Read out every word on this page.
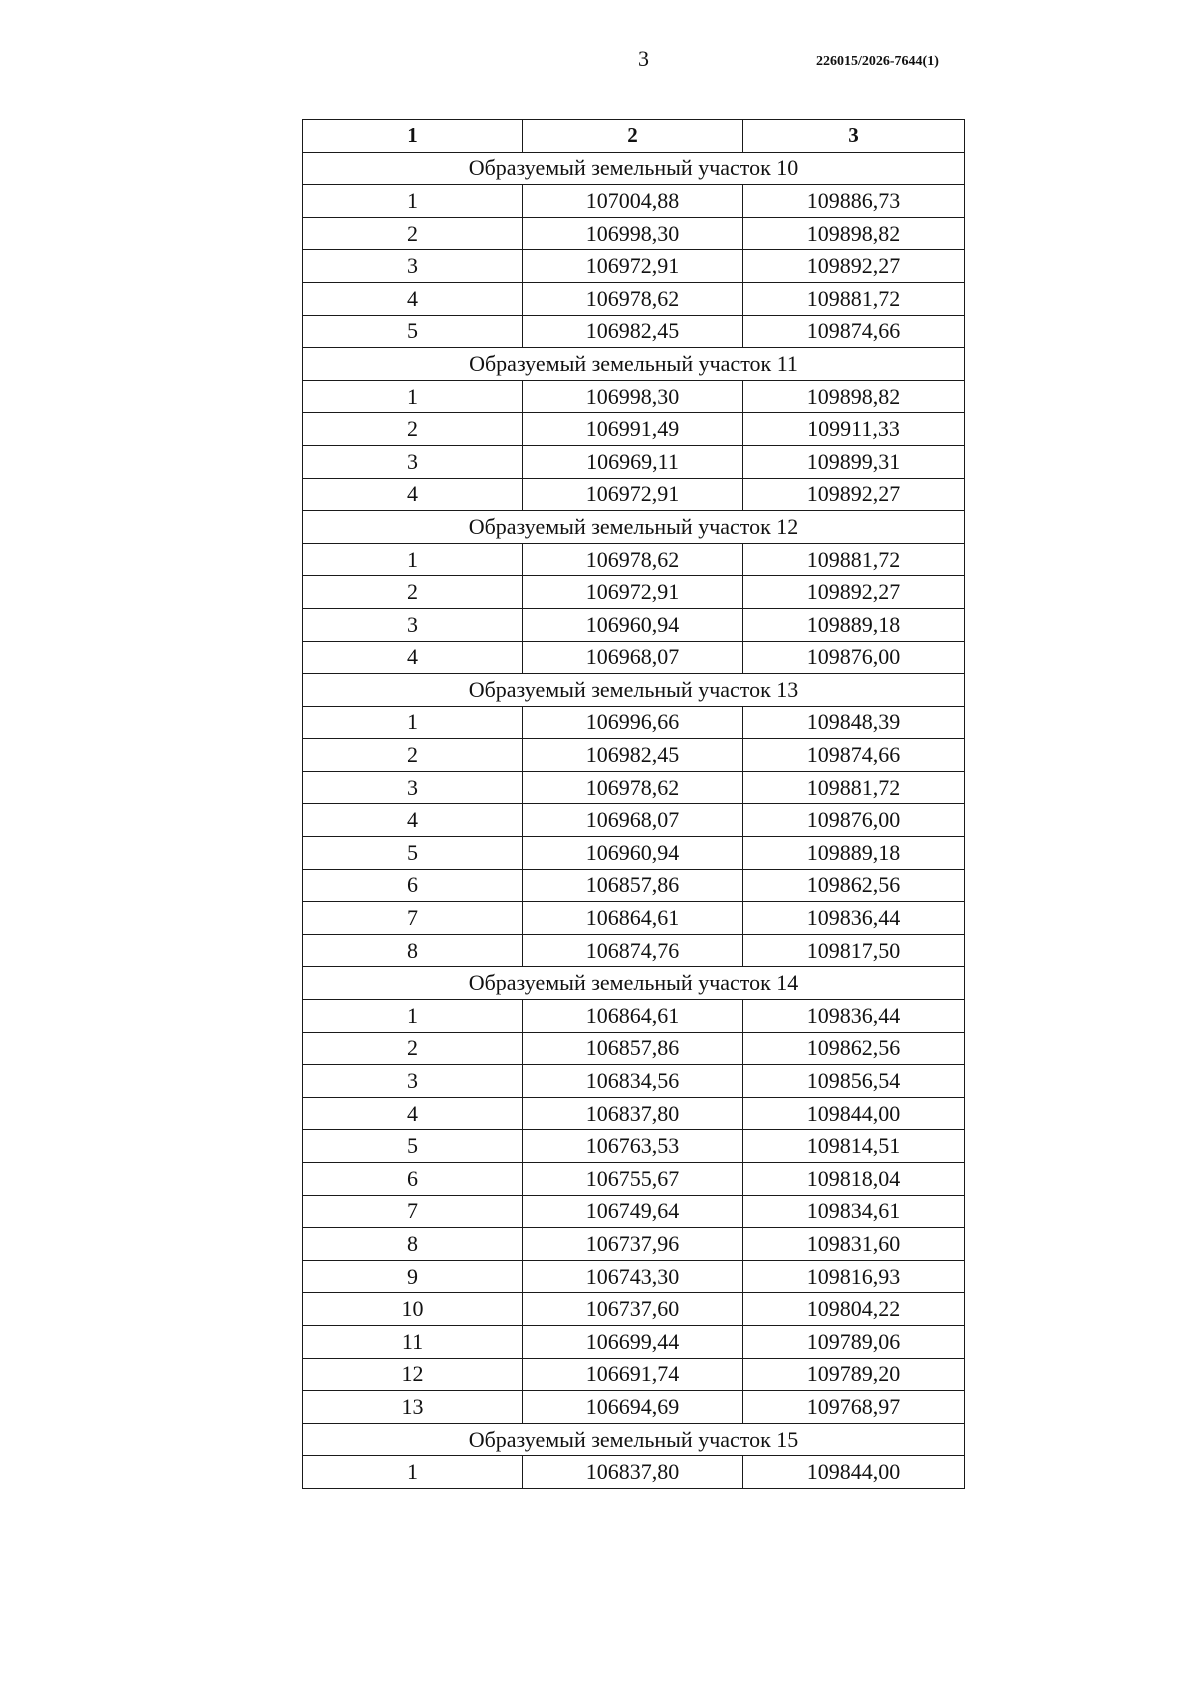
3	226015/2026-7644(1)
1	2	3
Образуемый земельный участок 10		
1	107004,88	109886,73
2	106998,30	109898,82
3	106972,91	109892,27
4	106978,62	109881,72
5	106982,45	109874,66
Образуемый земельный участок 11		
1	106998,30	109898,82
2	106991,49	109911,33
3	106969,11	109899,31
4	106972,91	109892,27
Образуемый земельный участок 12		
1	106978,62	109881,72
2	106972,91	109892,27
3	106960,94	109889,18
4	106968,07	109876,00
Образуемый земельный участок 13		
1	106996,66	109848,39
2	106982,45	109874,66
3	106978,62	109881,72
4	106968,07	109876,00
5	106960,94	109889,18
6	106857,86	109862,56
7	106864,61	109836,44
8	106874,76	109817,50
Образуемый земельный участок 14		
1	106864,61	109836,44
2	106857,86	109862,56
3	106834,56	109856,54
4	106837,80	109844,00
5	106763,53	109814,51
6	106755,67	109818,04
7	106749,64	109834,61
8	106737,96	109831,60
9	106743,30	109816,93
10	106737,60	109804,22
11	106699,44	109789,06
12	106691,74	109789,20
13	106694,69	109768,97
Образуемый земельный участок 15		
1	106837,80	109844,00
